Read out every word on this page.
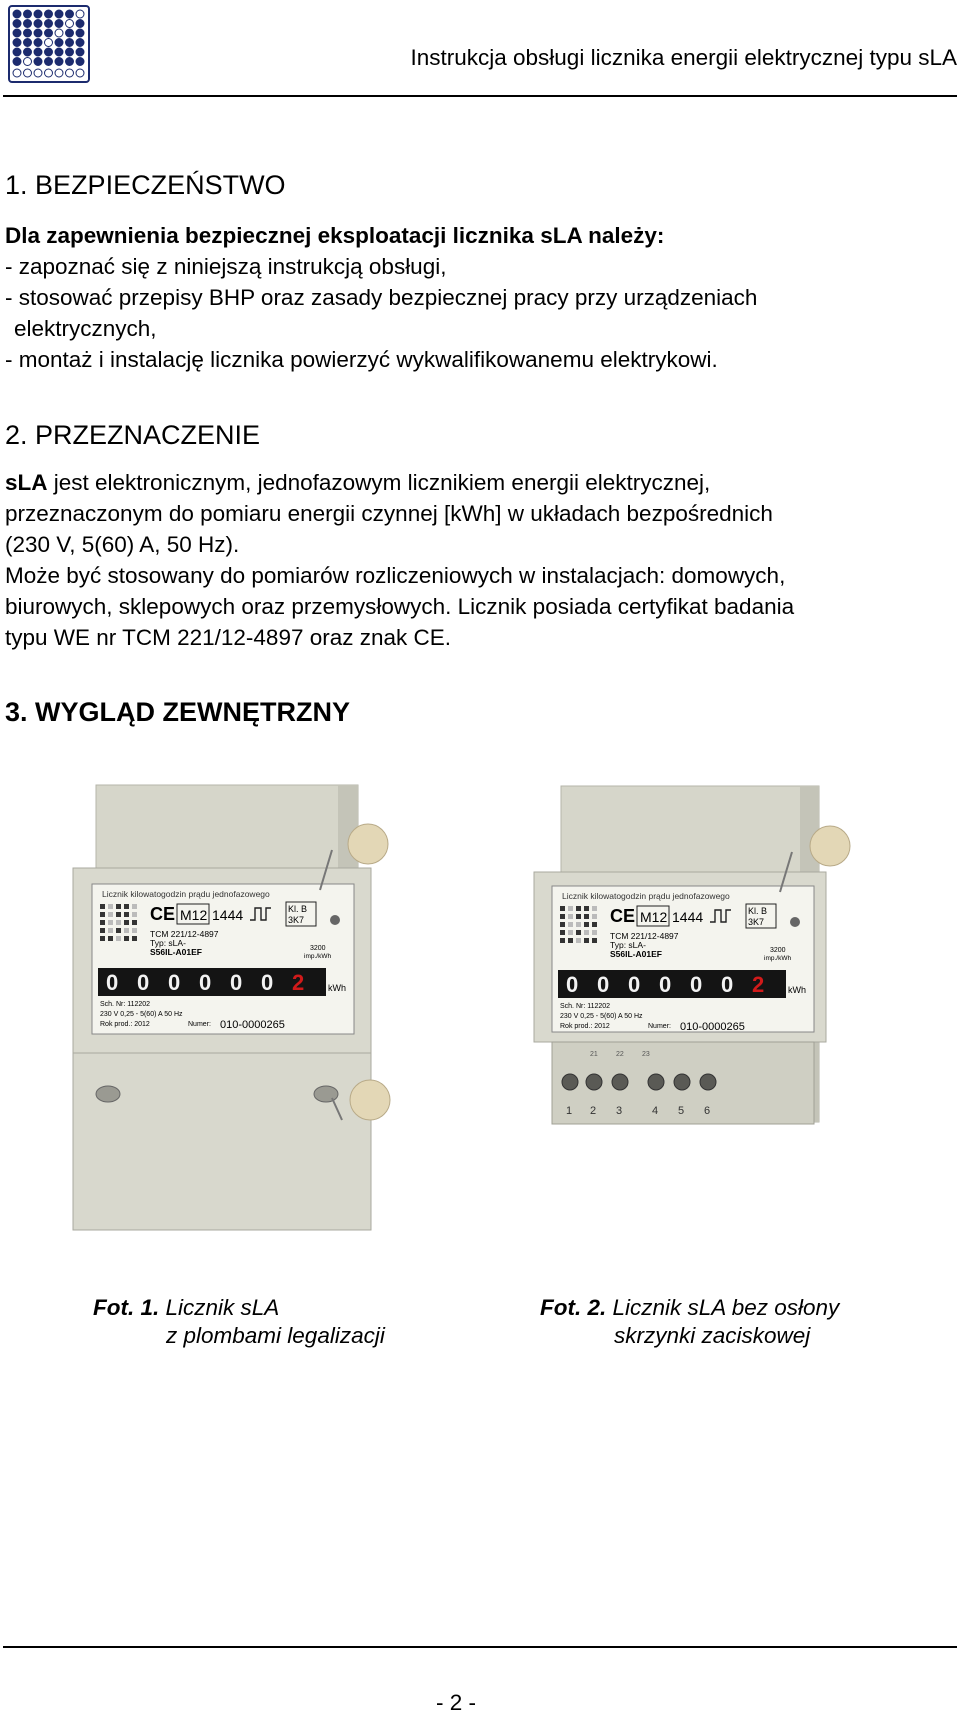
Instrukcja obsługi licznika energii elektrycznej typu sLA
1. BEZPIECZEŃSTWO

Dla zapewnienia bezpiecznej eksploatacji licznika sLA należy:

- zapoznać się z niniejszą instrukcją obsługi,

- stosować przepisy BHP oraz zasady bezpiecznej pracy przy urządzeniach

elektrycznych,

- montaż i instalację licznika powierzyć wykwalifikowanemu elektrykowi.

2. PRZEZNACZENIE

sLA jest elektronicznym, jednofazowym licznikiem energii elektrycznej,

przeznaczonym do pomiaru energii czynnej [kWh] w układach bezpośrednich

(230 V, 5(60) A, 50 Hz).

Może być stosowany do pomiarów rozliczeniowych w instalacjach: domowych,

biurowych, sklepowych oraz przemysłowych. Licznik posiada certyfikat badania

typu WE nr TCM 221/12-4897 oraz znak CE.

3. WYGLĄD ZEWNĘTRZNY
Licznik kilowatogodzin prądu jednofazowego
CE M12 1444	Kl. B
3K7
TCM 221/12-4897
Typ: sLA-
S56IL-A01EF	3200
imp./kWh
0 0 0 0 0 0 2	kWh
Sch. Nr: 112202
230 V 0,25 - 5(60) A 50 Hz
Rok prod.: 2012	Numer: 010-0000265
Licznik kilowatogodzin prądu jednofazowego
CE M12 1444	Kl. B
3K7
TCM 221/12-4897
Typ: sLA-
S56IL-A01EF	3200
imp./kWh
0 0 0 0 0 0 2	kWh
Sch. Nr: 112202
230 V 0,25 - 5(60) A 50 Hz
Rok prod.: 2012	Numer: 010-0000265
21	22	23
1 2 3	4 5 6
Fot. 1. Licznik sLA
z plombami legalizacji
Fot. 2. Licznik sLA bez osłony
skrzynki zaciskowej
- 2 -
